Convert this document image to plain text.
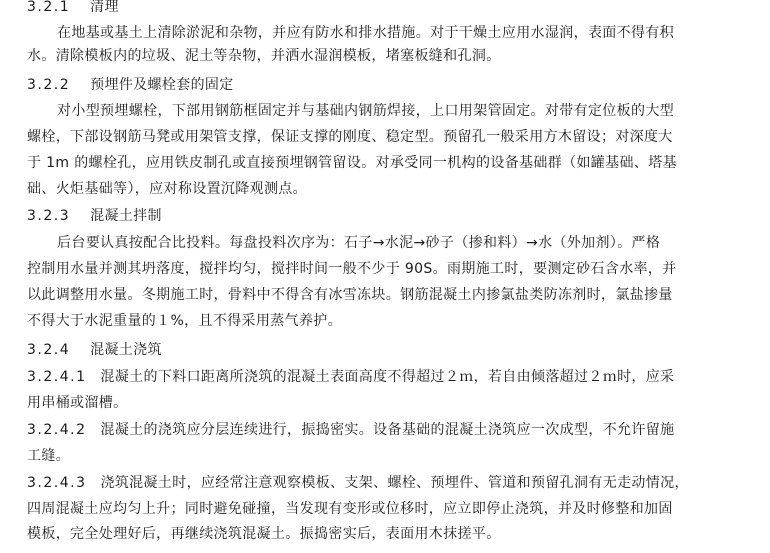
3.2.1 清理
在地基或基土上清除淤泥和杂物，并应有防水和排水措施。对于干燥土应用水湿润，表面不得有积
水。清除模板内的垃圾、泥土等杂物，并洒水湿润模板，堵塞板缝和孔洞。
3.2.2 预埋件及螺栓套的固定
对小型预埋螺栓，下部用钢筋框固定并与基础内钢筋焊接，上口用架管固定。对带有定位板的大型
螺栓，下部设钢筋马凳或用架管支撑，保证支撑的刚度、稳定型。预留孔一般采用方木留设；对深度大
于 1m 的螺栓孔，应用铁皮制孔或直接预埋钢管留设。对承受同一机构的设备基础群（如罐基础、塔基
础、火炬基础等），应对称设置沉降观测点。
3.2.3 混凝土拌制
后台要认真按配合比投料。每盘投料次序为：石子→水泥→砂子（掺和料）→水（外加剂）。严格
控制用水量并测其坍落度，搅拌均匀，搅拌时间一般不少于 90S。雨期施工时，要测定砂石含水率，并
以此调整用水量。冬期施工时，骨料中不得含有冰雪冻块。钢筋混凝土内掺氯盐类防冻剂时，氯盐掺量
不得大于水泥重量的１%，且不得采用蒸气养护。
3.2.4 混凝土浇筑
3.2.4.1 混凝土的下料口距离所浇筑的混凝土表面高度不得超过２ｍ，若自由倾落超过２ｍ时，应采
用串桶或溜槽。
3.2.4.2 混凝土的浇筑应分层连续进行，振捣密实。设备基础的混凝土浇筑应一次成型，不允许留施
工缝。
3.2.4.3 浇筑混凝土时，应经常注意观察模板、支架、螺栓、预埋件、管道和预留孔洞有无走动情况，
四周混凝土应均匀上升；同时避免碰撞，当发现有变形或位移时，应立即停止浇筑，并及时修整和加固
模板，完全处理好后，再继续浇筑混凝土。振捣密实后，表面用木抹搓平。
